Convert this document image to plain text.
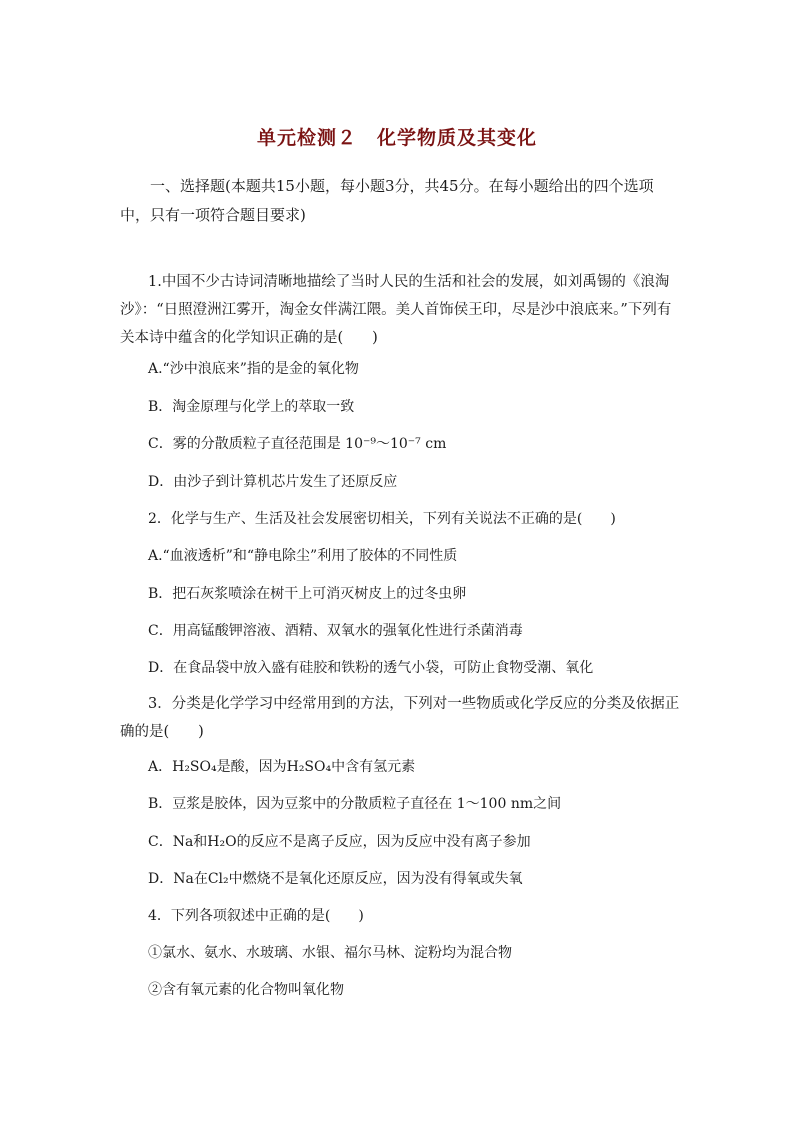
单元检测２　化学物质及其变化
一、选择题(本题共15小题，每小题3分，共45分。在每小题给出的四个选项中，只有一项符合题目要求)
1.中国不少古诗词清晰地描绘了当时人民的生活和社会的发展，如刘禹锡的《浪淘沙》：“日照澄洲江雾开，淘金女伴满江隈。美人首饰侯王印，尽是沙中浪底来。”下列有关本诗中蕴含的化学知识正确的是(　　)
A.“沙中浪底来”指的是金的氧化物
B．淘金原理与化学上的萃取一致
C．雾的分散质粒子直径范围是 10⁻⁹～10⁻⁷ cm
D．由沙子到计算机芯片发生了还原反应
2．化学与生产、生活及社会发展密切相关，下列有关说法不正确的是(　　)
A.“血液透析”和“静电除尘”利用了胶体的不同性质
B．把石灰浆喷涂在树干上可消灭树皮上的过冬虫卵
C．用高锰酸钾溶液、酒精、双氧水的强氧化性进行杀菌消毒
D．在食品袋中放入盛有硅胶和铁粉的透气小袋，可防止食物受潮、氧化
3．分类是化学学习中经常用到的方法，下列对一些物质或化学反应的分类及依据正确的是(　　)
A．H₂SO₄是酸，因为H₂SO₄中含有氢元素
B．豆浆是胶体，因为豆浆中的分散质粒子直径在 1～100 nm之间
C．Na和H₂O的反应不是离子反应，因为反应中没有离子参加
D．Na在Cl₂中燃烧不是氧化还原反应，因为没有得氧或失氧
4．下列各项叙述中正确的是(　　)
①氯水、氨水、水玻璃、水银、福尔马林、淀粉均为混合物
②含有氧元素的化合物叫氧化物
